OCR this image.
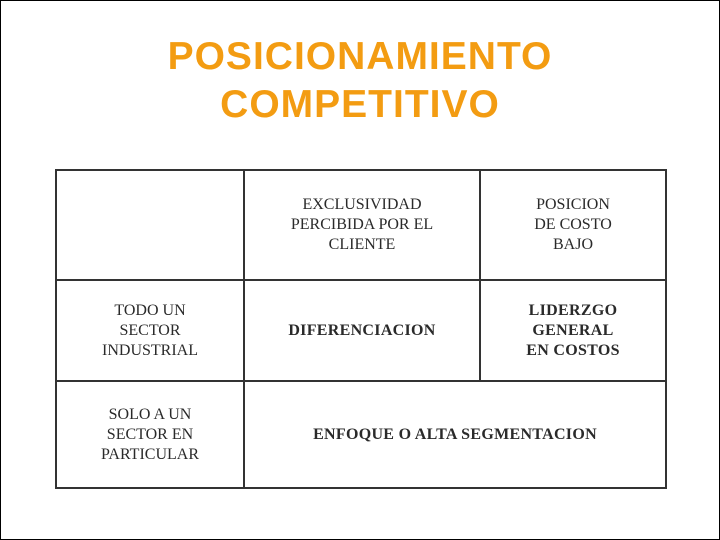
POSICIONAMIENTO
COMPETITIVO
EXCLUSIVIDAD
PERCIBIDA POR EL
CLIENTE
POSICION
DE COSTO
BAJO
TODO UN
SECTOR
INDUSTRIAL
DIFERENCIACION
LIDERZGO
GENERAL
EN COSTOS
SOLO A UN
SECTOR EN
PARTICULAR
ENFOQUE O ALTA SEGMENTACION
